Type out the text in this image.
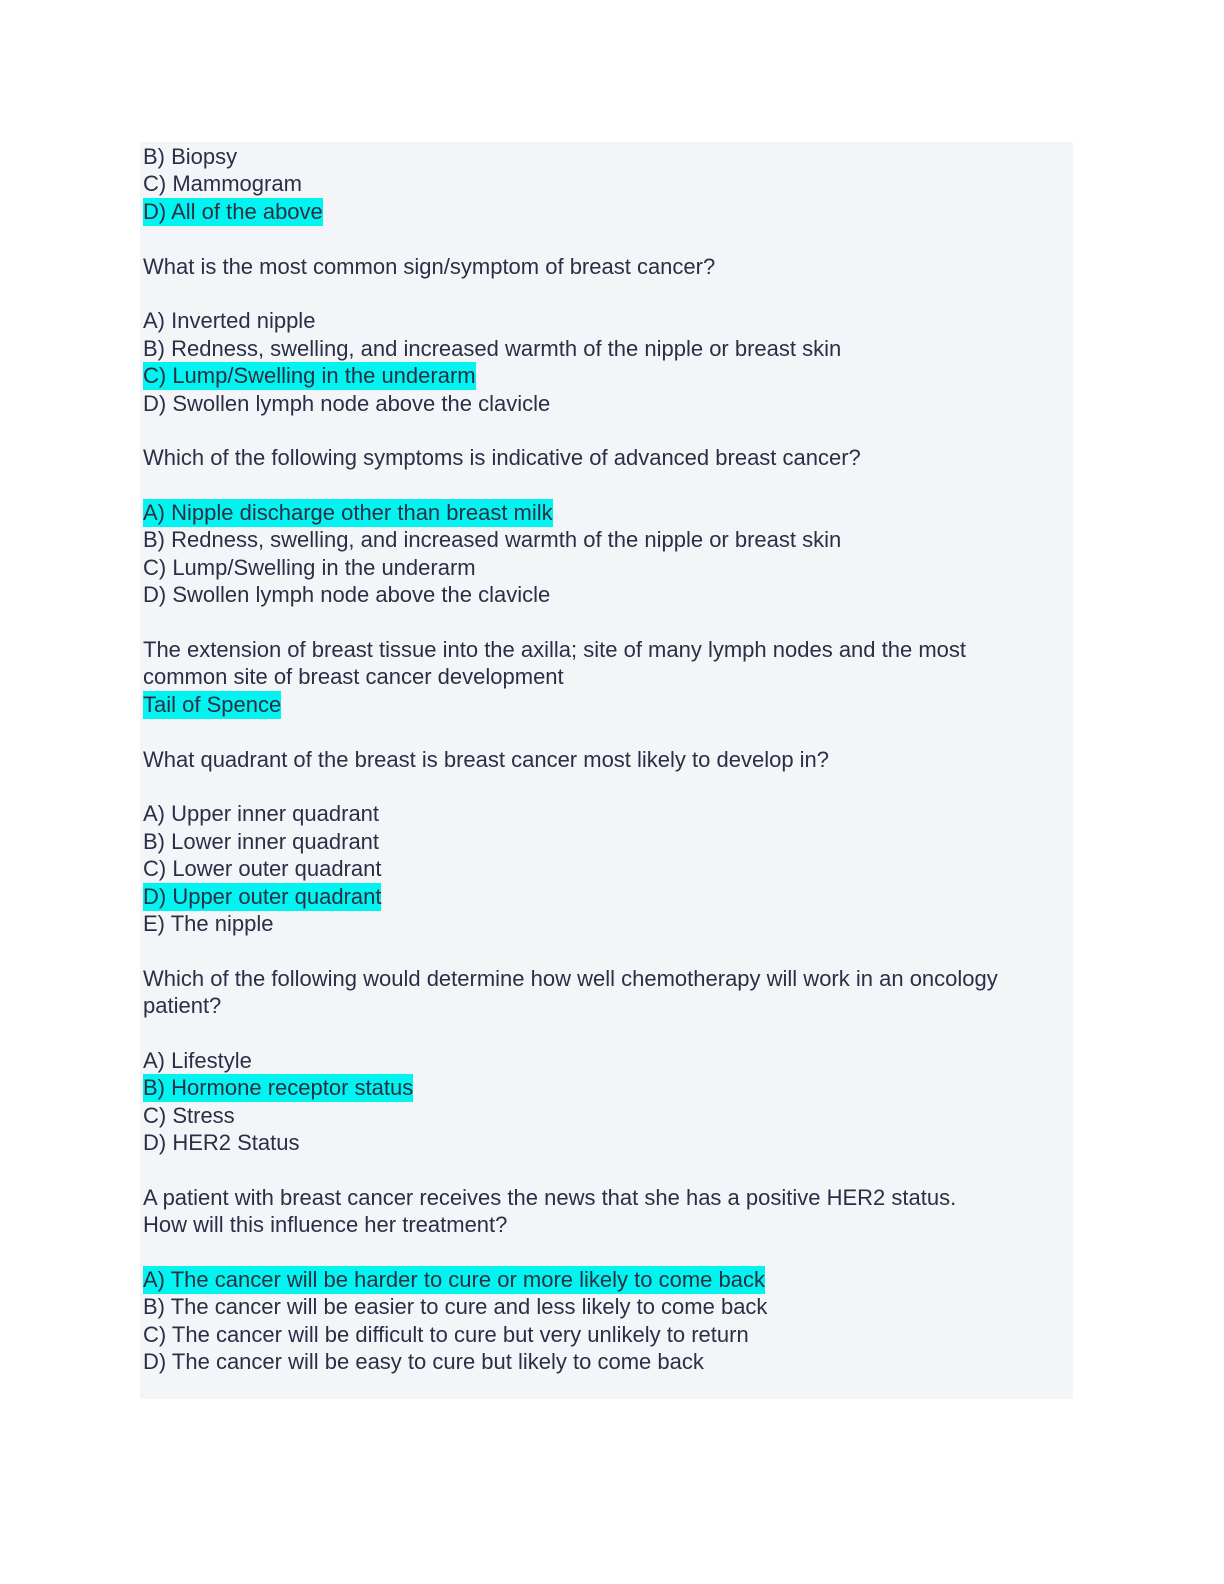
B) Biopsy
C) Mammogram
D) All of the above
What is the most common sign/symptom of breast cancer?
A) Inverted nipple
B) Redness, swelling, and increased warmth of the nipple or breast skin
C) Lump/Swelling in the underarm
D) Swollen lymph node above the clavicle
Which of the following symptoms is indicative of advanced breast cancer?
A) Nipple discharge other than breast milk
B) Redness, swelling, and increased warmth of the nipple or breast skin
C) Lump/Swelling in the underarm
D) Swollen lymph node above the clavicle
The extension of breast tissue into the axilla; site of many lymph nodes and the most
common site of breast cancer development
Tail of Spence
What quadrant of the breast is breast cancer most likely to develop in?
A) Upper inner quadrant
B) Lower inner quadrant
C) Lower outer quadrant
D) Upper outer quadrant
E) The nipple
Which of the following would determine how well chemotherapy will work in an oncology
patient?
A) Lifestyle
B) Hormone receptor status
C) Stress
D) HER2 Status
A patient with breast cancer receives the news that she has a positive HER2 status.
How will this influence her treatment?
A) The cancer will be harder to cure or more likely to come back
B) The cancer will be easier to cure and less likely to come back
C) The cancer will be difficult to cure but very unlikely to return
D) The cancer will be easy to cure but likely to come back
